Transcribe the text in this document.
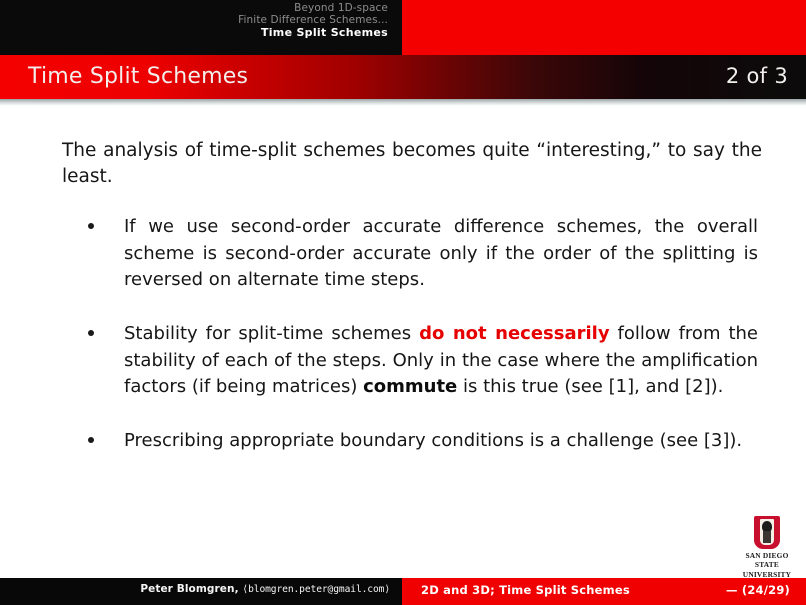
Beyond 1D-space
Finite Difference Schemes...
Time Split Schemes
Time Split Schemes	2 of 3
The analysis of time-split schemes becomes quite “interesting,” to say the least.
If we use second-order accurate difference schemes, the overall scheme is second-order accurate only if the order of the splitting is reversed on alternate time steps.
Stability for split-time schemes do not necessarily follow from the stability of each of the steps. Only in the case where the amplification factors (if being matrices) commute is this true (see [1], and [2]).
Prescribing appropriate boundary conditions is a challenge (see [3]).
SAN DIEGO STATE
UNIVERSITY
Peter Blomgren, ⟨blomgren.peter@gmail.com⟩	2D and 3D; Time Split Schemes	— (24/29)
